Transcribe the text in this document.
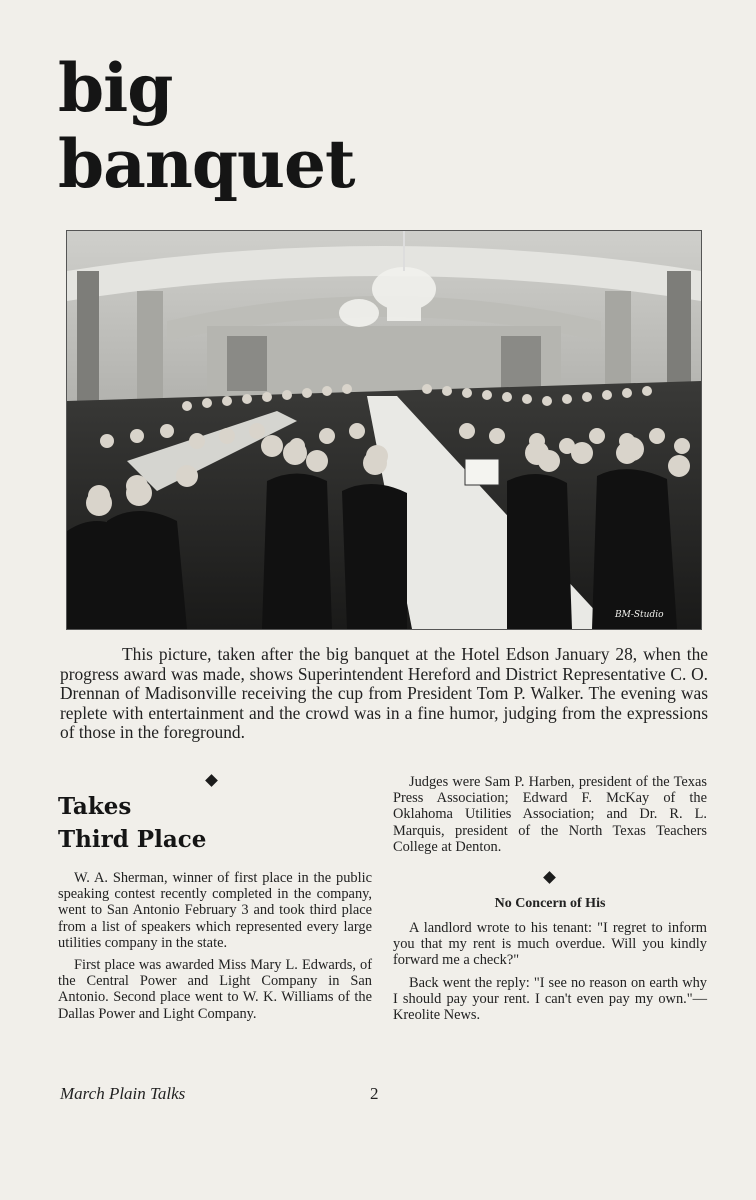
big
banquet
BM-Studio

This picture, taken after the big banquet at the Hotel Edson January 28, when the progress award was made, shows Superintendent Hereford and District Representative C. O. Drennan of Madisonville receiving the cup from President Tom P. Walker. The evening was replete with entertainment and the crowd was in a fine humor, judging from the expressions of those in the foreground.

Takes
Third Place

W. A. Sherman, winner of first place in the public speaking contest recently completed in the company, went to San Antonio February 3 and took third place from a list of speakers which represented every large utilities company in the state.

First place was awarded Miss Mary L. Edwards, of the Central Power and Light Company in San Antonio. Second place went to W. K. Williams of the Dallas Power and Light Company.

Judges were Sam P. Harben, president of the Texas Press Association; Edward F. McKay of the Oklahoma Utilities Association; and Dr. R. L. Marquis, president of the North Texas Teachers College at Denton.

No Concern of His

A landlord wrote to his tenant: "I regret to inform you that my rent is much overdue. Will you kindly forward me a check?"

Back went the reply: "I see no reason on earth why I should pay your rent. I can't even pay my own."—Kreolite News.

March Plain Talks	2
